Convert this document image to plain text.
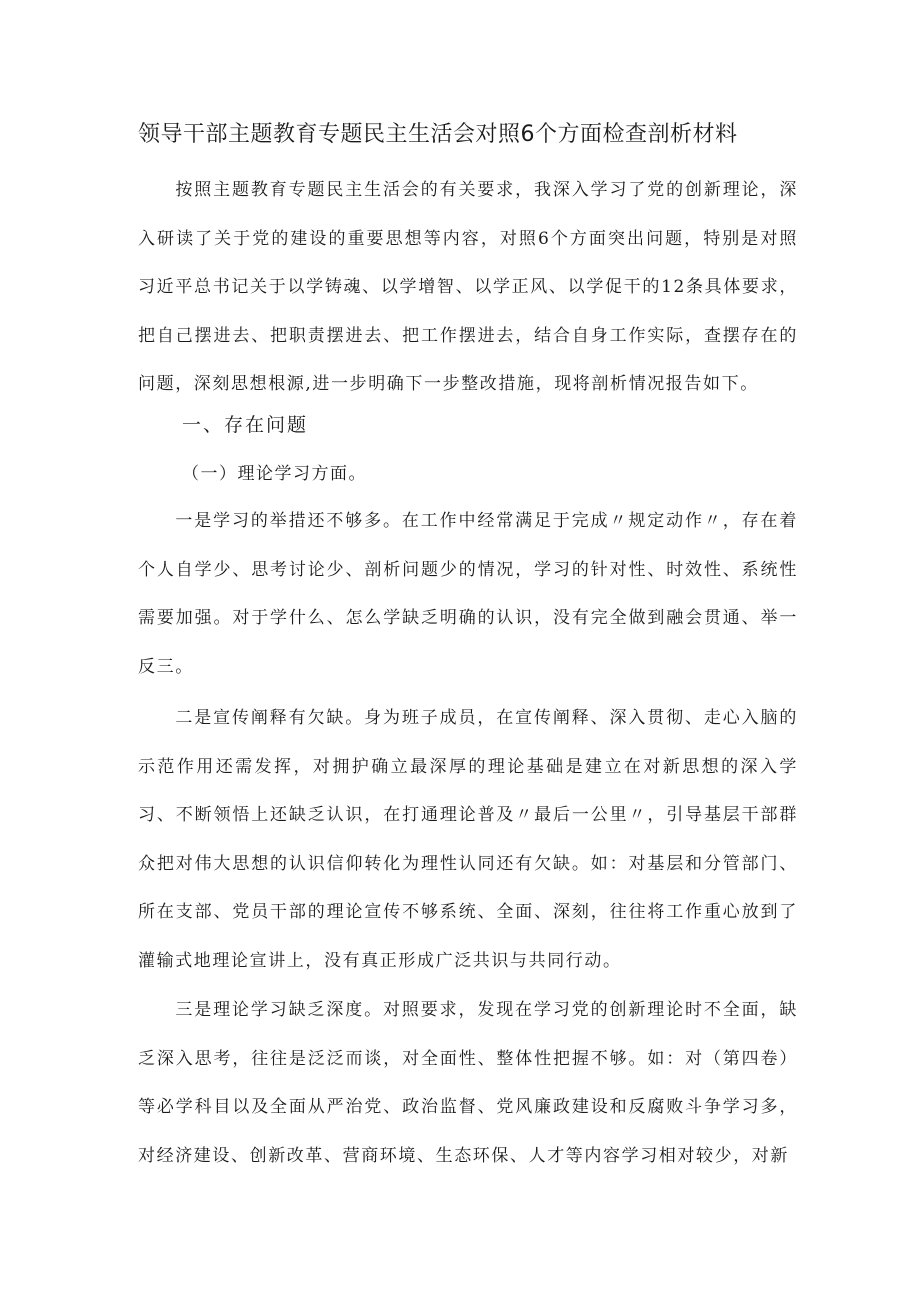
领导干部主题教育专题民主生活会对照6个方面检查剖析材料
按照主题教育专题民主生活会的有关要求，我深入学习了党的创新理论，深入研读了关于党的建设的重要思想等内容，对照6个方面突出问题，特别是对照习近平总书记关于以学铸魂、以学增智、以学正风、以学促干的12条具体要求，把自己摆进去、把职责摆进去、把工作摆进去，结合自身工作实际，查摆存在的问题，深刻思想根源,进一步明确下一步整改措施，现将剖析情况报告如下。
一、存在问题
（一）理论学习方面。
一是学习的举措还不够多。在工作中经常满足于完成〃规定动作〃，存在着个人自学少、思考讨论少、剖析问题少的情况，学习的针对性、时效性、系统性需要加强。对于学什么、怎么学缺乏明确的认识，没有完全做到融会贯通、举一反三。
二是宣传阐释有欠缺。身为班子成员，在宣传阐释、深入贯彻、走心入脑的示范作用还需发挥，对拥护确立最深厚的理论基础是建立在对新思想的深入学习、不断领悟上还缺乏认识，在打通理论普及〃最后一公里〃，引导基层干部群众把对伟大思想的认识信仰转化为理性认同还有欠缺。如：对基层和分管部门、所在支部、党员干部的理论宣传不够系统、全面、深刻，往往将工作重心放到了灌输式地理论宣讲上，没有真正形成广泛共识与共同行动。
三是理论学习缺乏深度。对照要求，发现在学习党的创新理论时不全面，缺乏深入思考，往往是泛泛而谈，对全面性、整体性把握不够。如：对（第四卷）等必学科目以及全面从严治党、政治监督、党风廉政建设和反腐败斗争学习多，对经济建设、创新改革、营商环境、生态环保、人才等内容学习相对较少，对新
